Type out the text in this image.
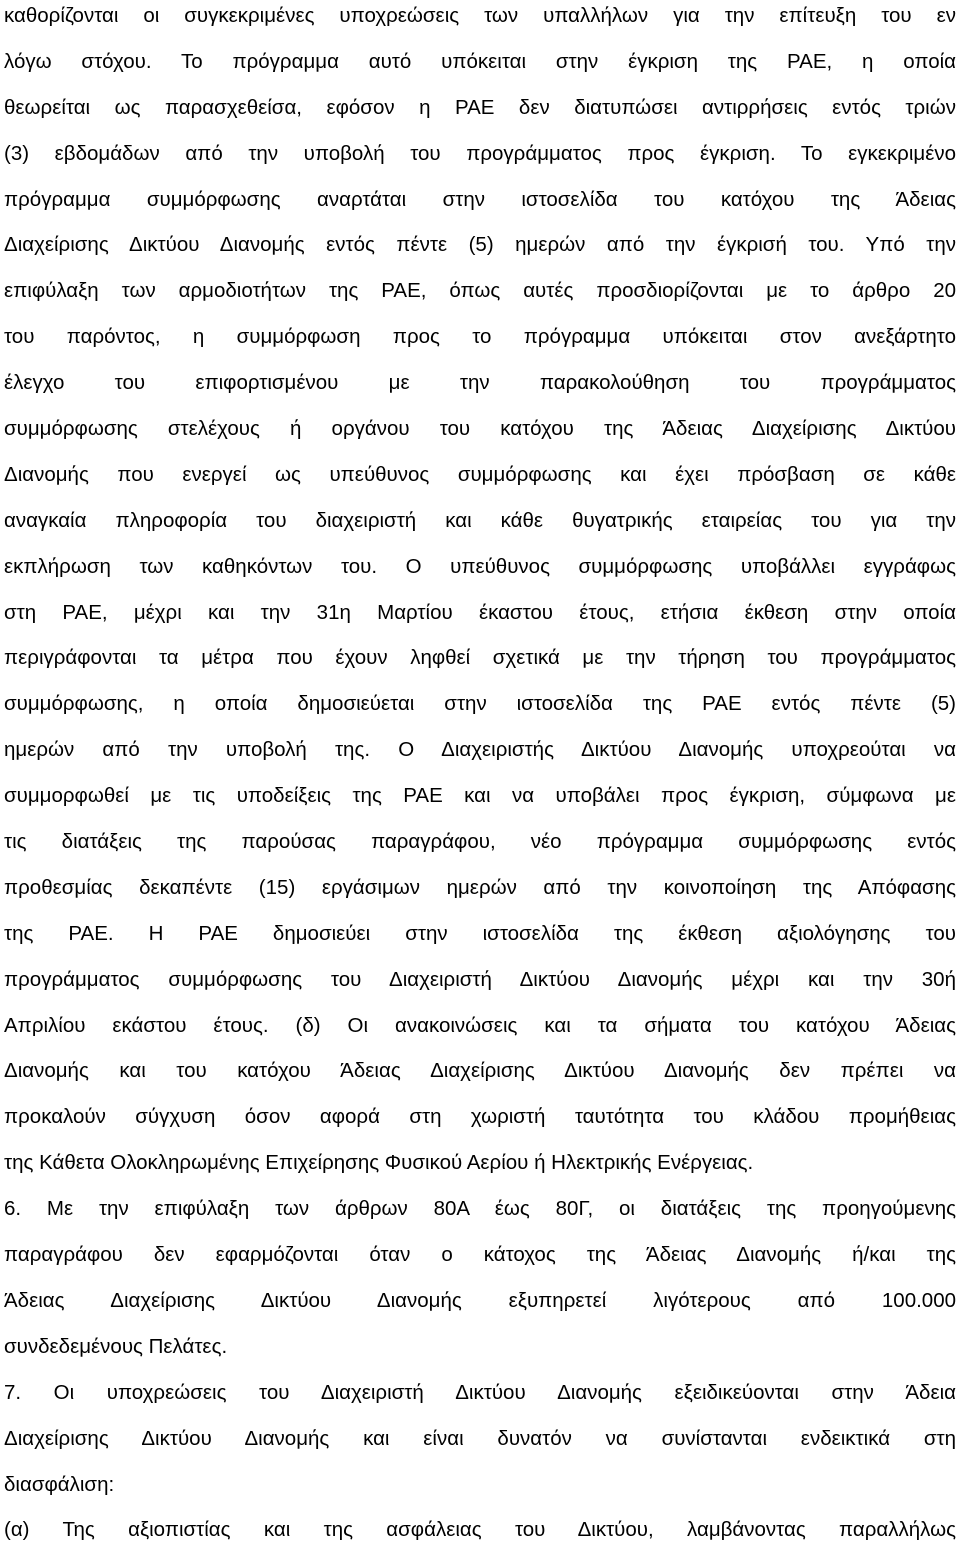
καθορίζονται οι συγκεκριμένες υποχρεώσεις των υπαλλήλων για την επίτευξη του εν
λόγω στόχου. Το πρόγραμμα αυτό υπόκειται στην έγκριση της ΡΑΕ, η οποία
θεωρείται ως παρασχεθείσα, εφόσον η ΡΑΕ δεν διατυπώσει αντιρρήσεις εντός τριών
(3) εβδομάδων από την υποβολή του προγράμματος προς έγκριση. Το εγκεκριμένο
πρόγραμμα συμμόρφωσης αναρτάται στην ιστοσελίδα του κατόχου της Άδειας
Διαχείρισης Δικτύου Διανομής εντός πέντε (5) ημερών από την έγκρισή του. Υπό την
επιφύλαξη των αρμοδιοτήτων της ΡΑΕ, όπως αυτές προσδιορίζονται με το άρθρο 20
του παρόντος, η συμμόρφωση προς το πρόγραμμα υπόκειται στον ανεξάρτητο
έλεγχο του επιφορτισμένου με την παρακολούθηση του προγράμματος
συμμόρφωσης στελέχους ή οργάνου του κατόχου της Άδειας Διαχείρισης Δικτύου
Διανομής που ενεργεί ως υπεύθυνος συμμόρφωσης και έχει πρόσβαση σε κάθε
αναγκαία πληροφορία του διαχειριστή και κάθε θυγατρικής εταιρείας του για την
εκπλήρωση των καθηκόντων του. Ο υπεύθυνος συμμόρφωσης υποβάλλει εγγράφως
στη ΡΑΕ, μέχρι και την 31η Μαρτίου έκαστου έτους, ετήσια έκθεση στην οποία
περιγράφονται τα μέτρα που έχουν ληφθεί σχετικά με την τήρηση του προγράμματος
συμμόρφωσης, η οποία δημοσιεύεται στην ιστοσελίδα της ΡΑΕ εντός πέντε (5)
ημερών από την υποβολή της. Ο Διαχειριστής Δικτύου Διανομής υποχρεούται να
συμμορφωθεί με τις υποδείξεις της ΡΑΕ και να υποβάλει προς έγκριση, σύμφωνα με
τις διατάξεις της παρούσας παραγράφου, νέο πρόγραμμα συμμόρφωσης εντός
προθεσμίας δεκαπέντε (15) εργάσιμων ημερών από την κοινοποίηση της Απόφασης
της ΡΑΕ. Η ΡΑΕ δημοσιεύει στην ιστοσελίδα της έκθεση αξιολόγησης του
προγράμματος συμμόρφωσης του Διαχειριστή Δικτύου Διανομής μέχρι και την 30ή
Απριλίου εκάστου έτους. (δ) Οι ανακοινώσεις και τα σήματα του κατόχου Άδειας
Διανομής και του κατόχου Άδειας Διαχείρισης Δικτύου Διανομής δεν πρέπει να
προκαλούν σύγχυση όσον αφορά στη χωριστή ταυτότητα του κλάδου προμήθειας
της Κάθετα Ολοκληρωμένης Επιχείρησης Φυσικού Αερίου ή Ηλεκτρικής Ενέργειας.
6. Με την επιφύλαξη των άρθρων 80Α έως 80Γ, οι διατάξεις της προηγούμενης
παραγράφου δεν εφαρμόζονται όταν ο κάτοχος της Άδειας Διανομής ή/και της
Άδειας Διαχείρισης Δικτύου Διανομής εξυπηρετεί λιγότερους από 100.000
συνδεδεμένους Πελάτες.
7. Οι υποχρεώσεις του Διαχειριστή Δικτύου Διανομής εξειδικεύονται στην Άδεια
Διαχείρισης Δικτύου Διανομής και είναι δυνατόν να συνίστανται ενδεικτικά στη
διασφάλιση:
(α) Της αξιοπιστίας και της ασφάλειας του Δικτύου, λαμβάνοντας παραλλήλως
